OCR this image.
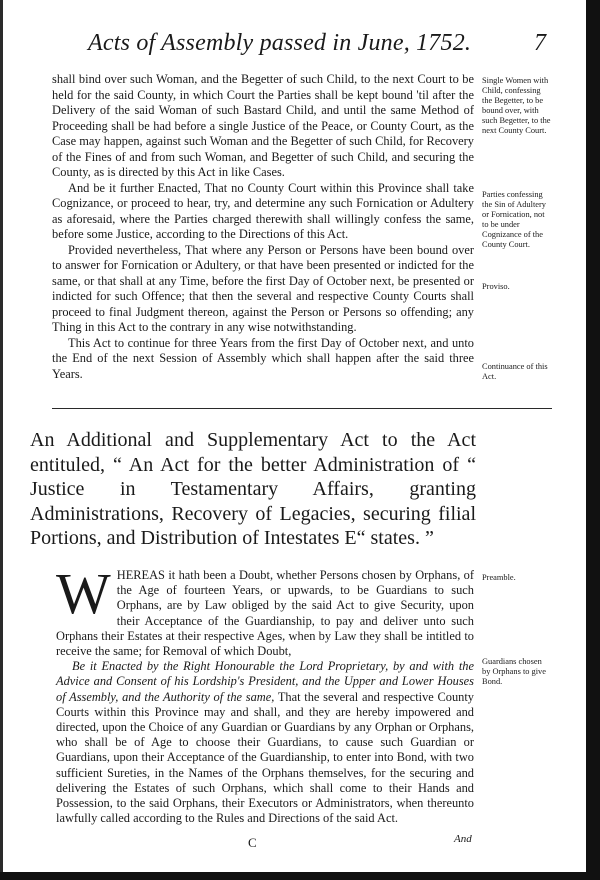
Acts of Assembly passed in June, 1752.	7

shall bind over such Woman, and the Begetter of such Child, to the next Court to be held for the said County, in which Court the Parties shall be kept bound 'til after the Delivery of the said Woman of such Bastard Child, and until the same Method of Proceeding shall be had before a single Justice of the Peace, or County Court, as the Case may happen, against such Woman and the Begetter of such Child, for Recovery of the Fines of and from such Woman, and Begetter of such Child, and securing the County, as is directed by this Act in like Cases.

And be it further Enacted, That no County Court within this Province shall take Cognizance, or proceed to hear, try, and determine any such Fornication or Adultery as aforesaid, where the Parties charged therewith shall willingly confess the same, before some Justice, according to the Directions of this Act.

Provided nevertheless, That where any Person or Persons have been bound over to answer for Fornication or Adultery, or that have been presented or indicted for the same, or that shall at any Time, before the first Day of October next, be presented or indicted for such Offence; that then the several and respective County Courts shall proceed to final Judgment thereon, against the Person or Persons so offending; any Thing in this Act to the contrary in any wise notwithstanding.

This Act to continue for three Years from the first Day of October next, and unto the End of the next Session of Assembly which shall happen after the said three Years.

Single Women with Child, confessing the Begetter, to be bound over, with such Begetter, to the next County Court.
Parties confessing the Sin of Adultery or Fornication, not to be under Cognizance of the County Court.
Proviso.
Continuance of this Act.
An Additional and Supplementary Act to the Act entituled, “ An Act for the better Administration of “ Justice in Testamentary Affairs, granting Administrations, Recovery of Legacies, securing filial Portions, and Distribution of Intestates E“ states. ”
Preamble.
Guardians chosen by Orphans to give Bond.

WHEREAS it hath been a Doubt, whether Persons chosen by Orphans, of the Age of fourteen Years, or upwards, to be Guardians to such Orphans, are by Law obliged by the said Act to give Security, upon their Acceptance of the Guardianship, to pay and deliver unto such Orphans their Estates at their respective Ages, when by Law they shall be intitled to receive the same; for Removal of which Doubt,

Be it Enacted by the Right Honourable the Lord Proprietary, by and with the Advice and Consent of his Lordship's President, and the Upper and Lower Houses of Assembly, and the Authority of the same, That the several and respective County Courts within this Province may and shall, and they are hereby impowered and directed, upon the Choice of any Guardian or Guardians by any Orphan or Orphans, who shall be of Age to choose their Guardians, to cause such Guardian or Guardians, upon their Acceptance of the Guardianship, to enter into Bond, with two sufficient Sureties, in the Names of the Orphans themselves, for the securing and delivering the Estates of such Orphans, which shall come to their Hands and Possession, to the said Orphans, their Executors or Administrators, when thereunto lawfully called according to the Rules and Directions of the said Act.

C	And
